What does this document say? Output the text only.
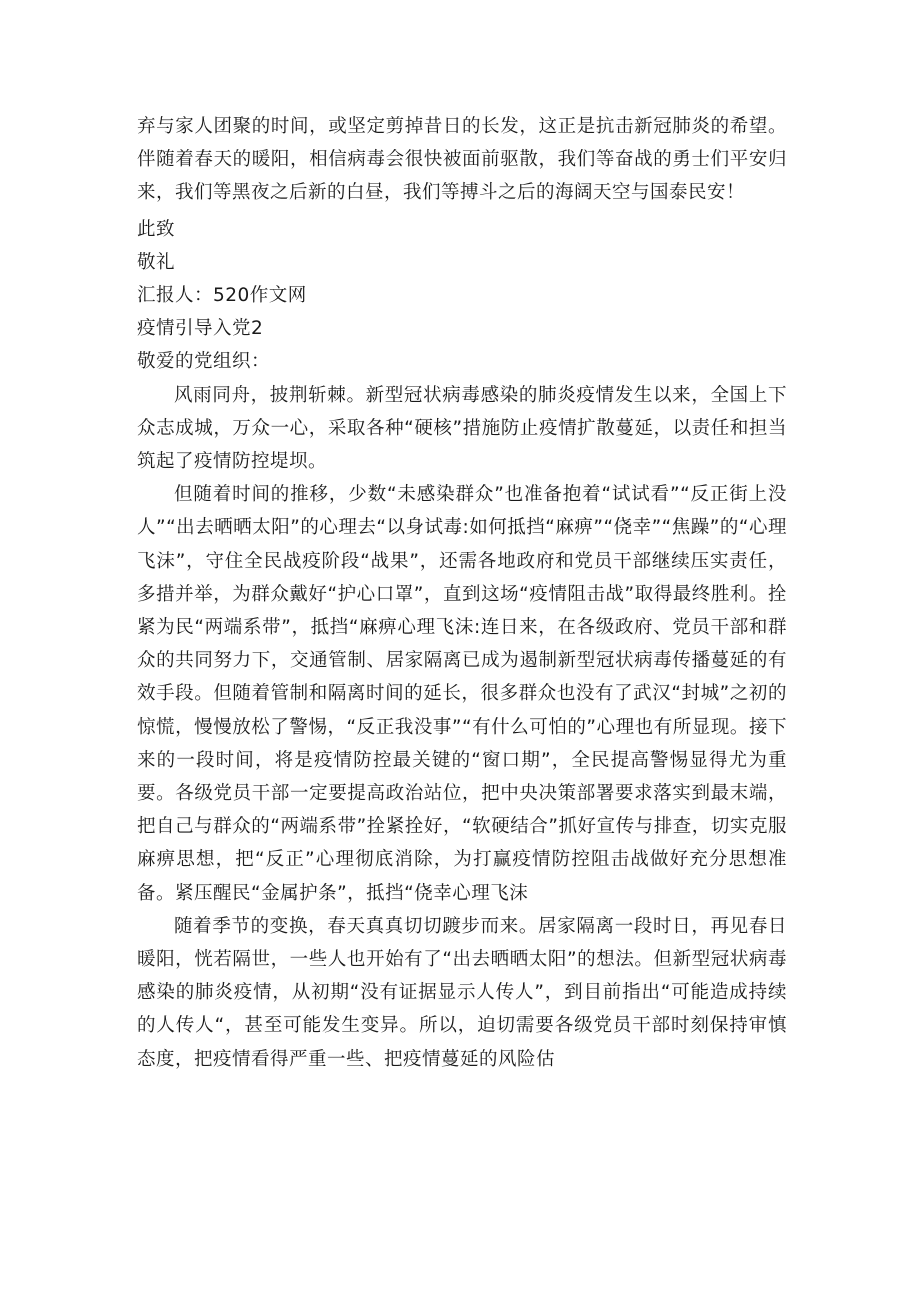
弃与家人团聚的时间，或坚定剪掉昔日的长发，这正是抗击新冠肺炎的希望。伴随着春天的暖阳，相信病毒会很快被面前驱散，我们等奋战的勇士们平安归来，我们等黑夜之后新的白昼，我们等搏斗之后的海阔天空与国泰民安！

此致

敬礼

汇报人：520作文网

疫情引导入党2

敬爱的党组织：

风雨同舟，披荆斩棘。新型冠状病毒感染的肺炎疫情发生以来，全国上下众志成城，万众一心，采取各种“硬核”措施防止疫情扩散蔓延，以责任和担当筑起了疫情防控堤坝。

但随着时间的推移，少数“未感染群众”也准备抱着“试试看”“反正街上没人”“出去晒晒太阳”的心理去“以身试毒:如何抵挡“麻痹”“侥幸”“焦躁”的“心理飞沫”，守住全民战疫阶段“战果”，还需各地政府和党员干部继续压实责任，多措并举，为群众戴好“护心口罩”，直到这场“疫情阻击战”取得最终胜利。拴紧为民“两端系带”，抵挡“麻痹心理飞沫:连日来，在各级政府、党员干部和群众的共同努力下，交通管制、居家隔离已成为遏制新型冠状病毒传播蔓延的有效手段。但随着管制和隔离时间的延长，很多群众也没有了武汉“封城”之初的惊慌，慢慢放松了警惕，“反正我没事”“有什么可怕的”心理也有所显现。接下来的一段时间，将是疫情防控最关键的“窗口期”，全民提高警惕显得尤为重要。各级党员干部一定要提高政治站位，把中央决策部署要求落实到最末端，把自己与群众的“两端系带”拴紧拴好，“软硬结合”抓好宣传与排查，切实克服麻痹思想，把“反正”心理彻底消除，为打赢疫情防控阻击战做好充分思想准备。紧压醒民“金属护条”，抵挡“侥幸心理飞沫

随着季节的变换，春天真真切切踱步而来。居家隔离一段时日，再见春日暖阳，恍若隔世，一些人也开始有了“出去晒晒太阳”的想法。但新型冠状病毒感染的肺炎疫情，从初期“没有证据显示人传人”，到目前指出“可能造成持续的人传人“，甚至可能发生变异。所以，迫切需要各级党员干部时刻保持审慎态度，把疫情看得严重一些、把疫情蔓延的风险估
